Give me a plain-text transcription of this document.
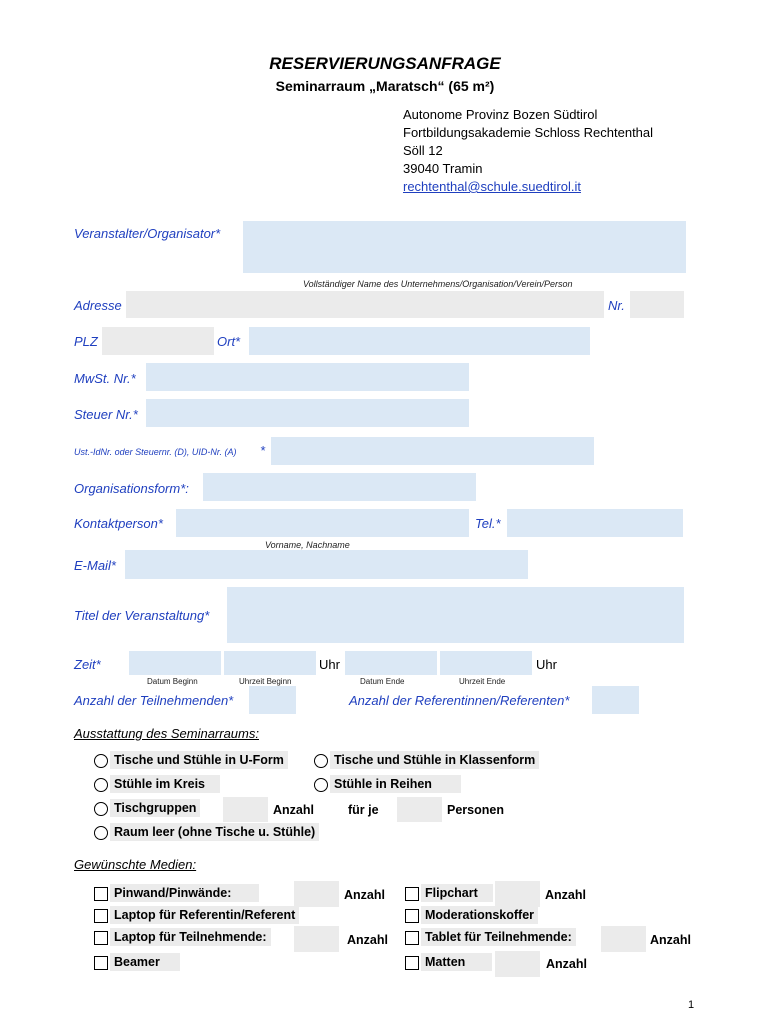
RESERVIERUNGSANFRAGE
Seminarraum „Maratsch“ (65 m²)
Autonome Provinz Bozen Südtirol
Fortbildungsakademie Schloss Rechtenthal
Söll 12
39040 Tramin
rechtenthal@schule.suedtirol.it
Veranstalter/Organisator*
Vollständiger Name des Unternehmens/Organisation/Verein/Person
Adresse	Nr.
PLZ	Ort*
MwSt. Nr.*
Steuer Nr.*
Ust.-IdNr. oder Steuernr. (D), UID-Nr. (A) *
Organisationsform*:
Kontaktperson*	Tel.*
Vorname, Nachname
E-Mail*
Titel der Veranstaltung*
Zeit*	Uhr	Uhr
Datum Beginn	Uhrzeit Beginn	Datum Ende	Uhrzeit Ende
Anzahl der Teilnehmenden*	Anzahl der Referentinnen/Referenten*
Ausstattung des Seminarraums:
Tische und Stühle in U-Form	Tische und Stühle in Klassenform
Stühle im Kreis	Stühle in Reihen
Tischgruppen	Anzahl	für je	Personen
Raum leer (ohne Tische u. Stühle)
Gewünschte Medien:
Pinwand/Pinwände:	Anzahl	Flipchart	Anzahl
Laptop für Referentin/Referent	Moderationskoffer
Laptop für Teilnehmende:	Anzahl	Tablet für Teilnehmende:	Anzahl
Beamer	Matten	Anzahl
1
